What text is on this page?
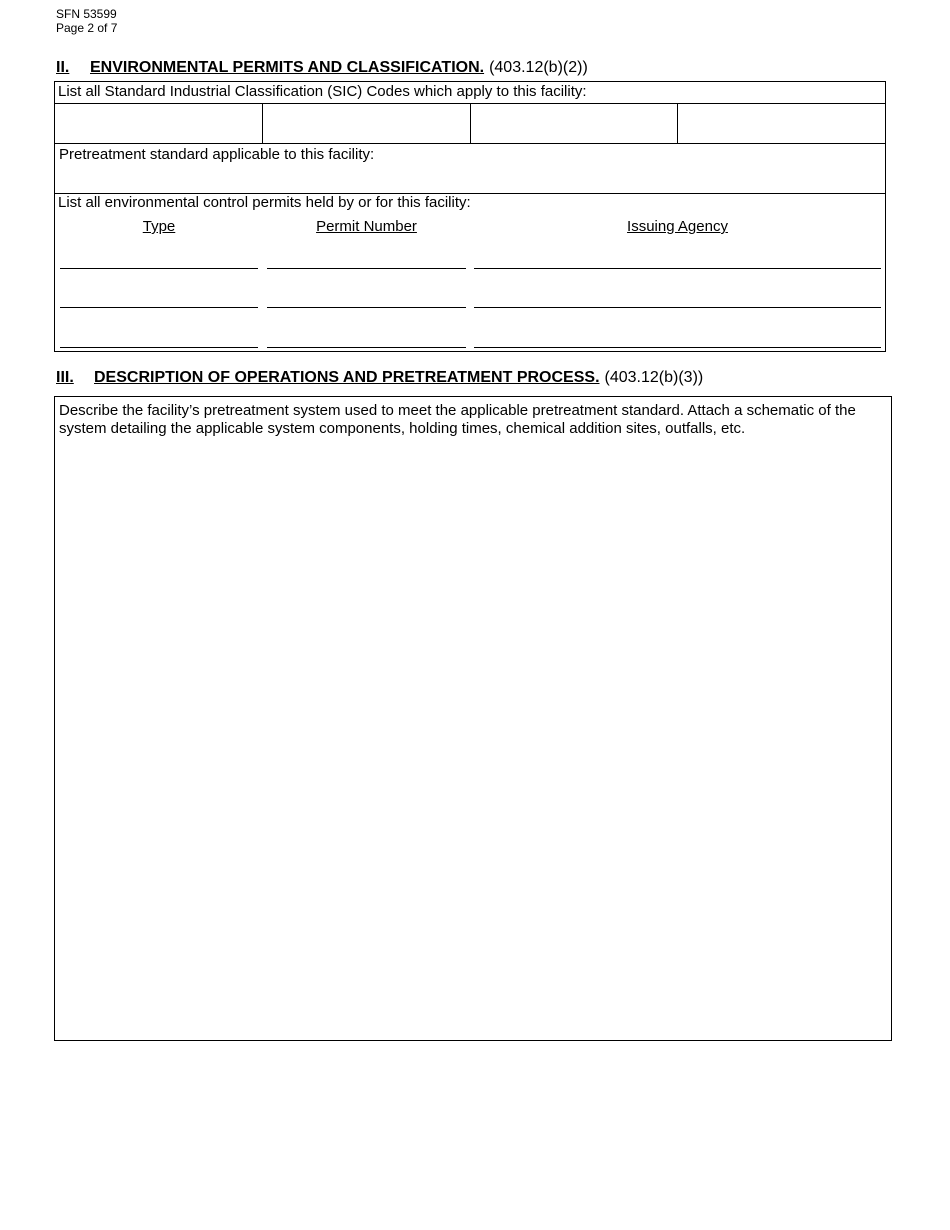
SFN 53599
Page 2 of 7
II. ENVIRONMENTAL PERMITS AND CLASSIFICATION. (403.12(b)(2))
List all Standard Industrial Classification (SIC) Codes which apply to this facility:
Pretreatment standard applicable to this facility:
List all environmental control permits held by or for this facility:
Type	Permit Number	Issuing Agency
III. DESCRIPTION OF OPERATIONS AND PRETREATMENT PROCESS. (403.12(b)(3))
Describe the facility’s pretreatment system used to meet the applicable pretreatment standard. Attach a schematic of the system detailing the applicable system components, holding times, chemical addition sites, outfalls, etc.
